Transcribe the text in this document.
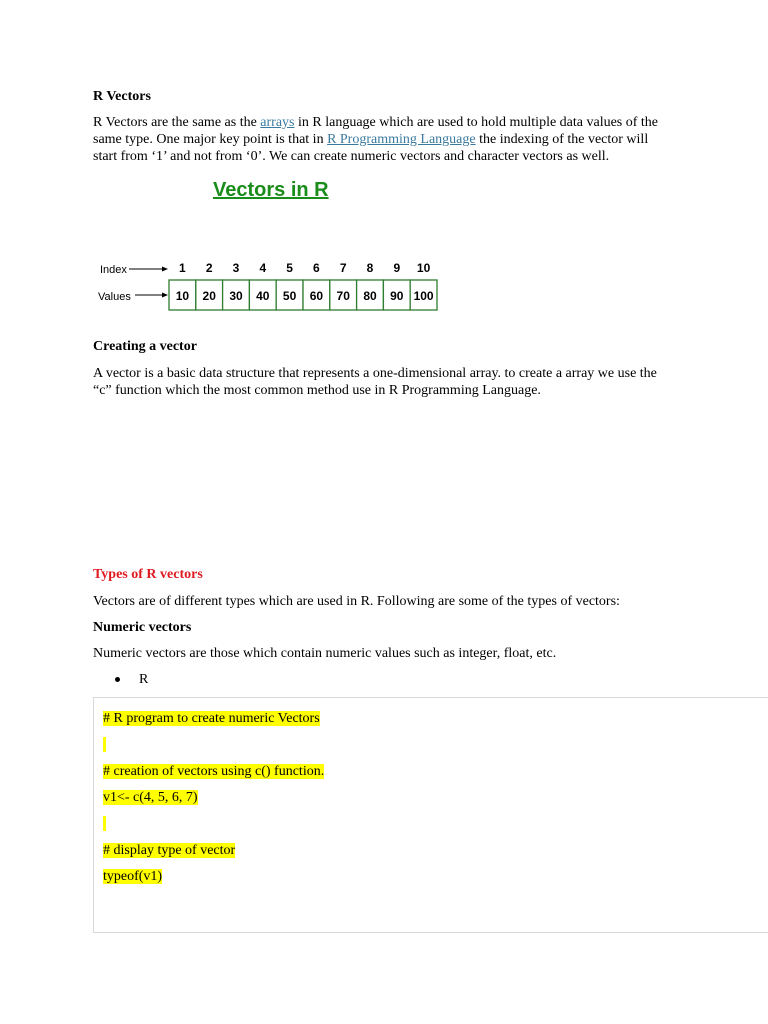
R Vectors

R Vectors are the same as the arrays in R language which are used to hold multiple data values of the same type. One major key point is that in R Programming Language the indexing of the vector will start from ‘1’ and not from ‘0’. We can create numeric vectors and character vectors as well.

Vectors in R
Index
Values
1 2 3 4 5 6 7 8 9 10
10 20 30 40 50 60 70 80 90 100
Creating a vector

A vector is a basic data structure that represents a one-dimensional array. to create a array we use the “c” function which the most common method use in R Programming Language.

Types of R vectors

Vectors are of different types which are used in R. Following are some of the types of vectors:

Numeric vectors

Numeric vectors are those which contain numeric values such as integer, float, etc.

R
# R program to create numeric Vectors
# creation of vectors using c() function.
v1<- c(4, 5, 6, 7)
# display type of vector
typeof(v1)
